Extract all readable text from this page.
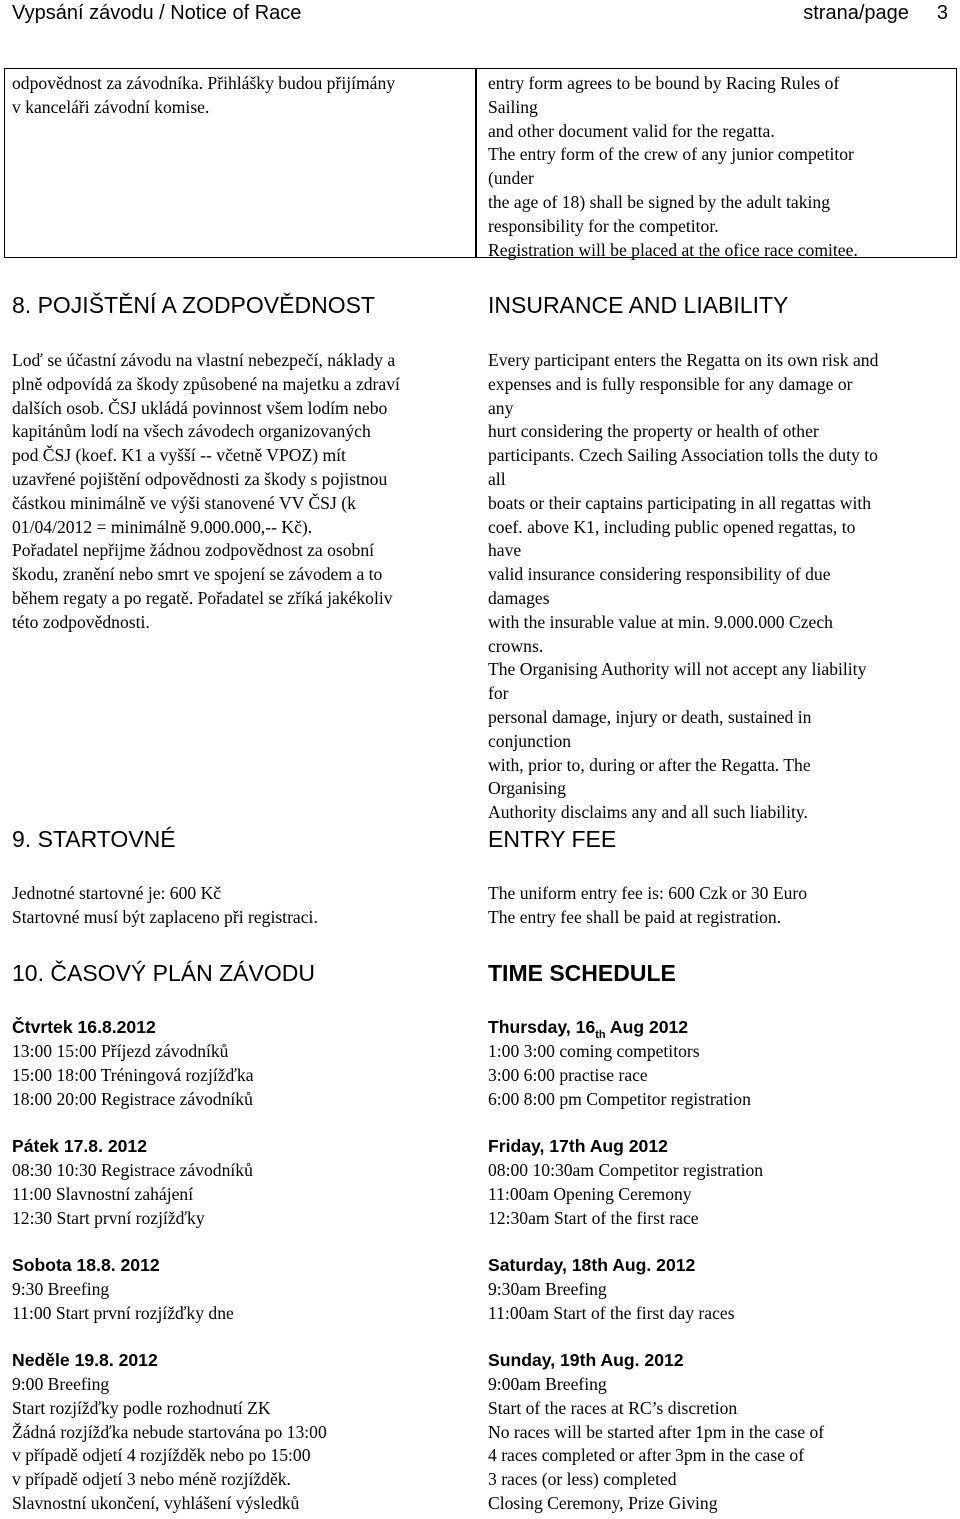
Vypsání závodu / Notice of Race	strana/page 3
odpovědnost za závodníka. Přihlášky budou přijímány
v kanceláři závodní komise.
entry form agrees to be bound by Racing Rules of
Sailing
and other document valid for the regatta.
The entry form of the crew of any junior competitor
(under
the age of 18) shall be signed by the adult taking
responsibility for the competitor.
Registration will be placed at the ofice race comitee.
8. POJIŠTĚNÍ A ZODPOVĚDNOST	INSURANCE AND LIABILITY
Loď se účastní závodu na vlastní nebezpečí, náklady a
plně odpovídá za škody způsobené na majetku a zdraví
dalších osob. ČSJ ukládá povinnost všem lodím nebo
kapitánům lodí na všech závodech organizovaných
pod ČSJ (koef. K1 a vyšší -- včetně VPOZ) mít
uzavřené pojištění odpovědnosti za škody s pojistnou
částkou minimálně ve výši stanovené VV ČSJ (k
01/04/2012 = minimálně 9.000.000,-- Kč).
Pořadatel nepřijme žádnou zodpovědnost za osobní
škodu, zranění nebo smrt ve spojení se závodem a to
během regaty a po regatě. Pořadatel se zříká jakékoliv
této zodpovědnosti.
Every participant enters the Regatta on its own risk and
expenses and is fully responsible for any damage or
any
hurt considering the property or health of other
participants. Czech Sailing Association tolls the duty to
all
boats or their captains participating in all regattas with
coef. above K1, including public opened regattas, to
have
valid insurance considering responsibility of due
damages
with the insurable value at min. 9.000.000 Czech
crowns.
The Organising Authority will not accept any liability
for
personal damage, injury or death, sustained in
conjunction
with, prior to, during or after the Regatta. The
Organising
Authority disclaims any and all such liability.
9. STARTOVNÉ	ENTRY FEE
Jednotné startovné je: 600 Kč
Startovné musí být zaplaceno při registraci.
The uniform entry fee is: 600 Czk or 30 Euro
The entry fee shall be paid at registration.
10. ČASOVÝ PLÁN ZÁVODU	TIME SCHEDULE
Čtvrtek 16.8.2012	Thursday, 16th Aug 2012
13:00 15:00 Příjezd závodníků
15:00 18:00 Tréningová rozjížďka
18:00 20:00 Registrace závodníků
1:00 3:00 coming competitors
3:00 6:00 practise race
6:00 8:00 pm Competitor registration
Pátek 17.8. 2012	Friday, 17th Aug 2012
08:30 10:30 Registrace závodníků
11:00 Slavnostní zahájení
12:30 Start první rozjížďky
08:00 10:30am Competitor registration
11:00am Opening Ceremony
12:30am Start of the first race
Sobota 18.8. 2012	Saturday, 18th Aug. 2012
9:30 Breefing
11:00 Start první rozjížďky dne
9:30am Breefing
11:00am Start of the first day races
Neděle 19.8. 2012	Sunday, 19th Aug. 2012
9:00 Breefing
Start rozjížďky podle rozhodnutí ZK
Žádná rozjížďka nebude startována po 13:00
v případě odjetí 4 rozjížděk nebo po 15:00
v případě odjetí 3 nebo méně rozjížděk.
Slavnostní ukončení, vyhlášení výsledků
9:00am Breefing
Start of the races at RC’s discretion
No races will be started after 1pm in the case of
4 races completed or after 3pm in the case of
3 races (or less) completed
Closing Ceremony, Prize Giving
